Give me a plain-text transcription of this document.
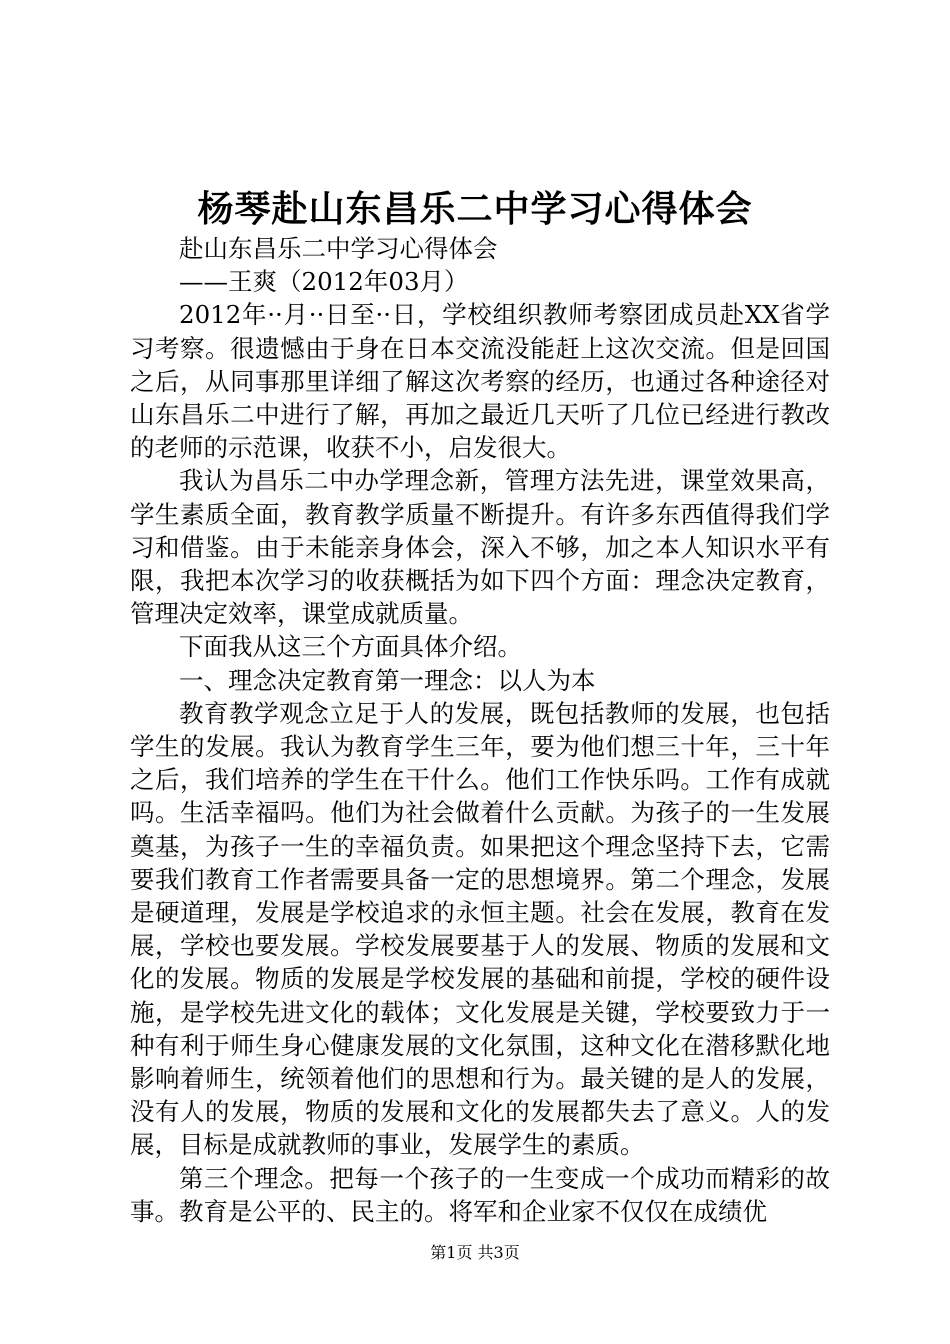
杨琴赴山东昌乐二中学习心得体会

赴山东昌乐二中学习心得体会

——王爽（2012年03月）

2012年··月··日至··日，学校组织教师考察团成员赴XX省学习考察。很遗憾由于身在日本交流没能赶上这次交流。但是回国之后，从同事那里详细了解这次考察的经历，也通过各种途径对山东昌乐二中进行了解，再加之最近几天听了几位已经进行教改的老师的示范课，收获不小，启发很大。

我认为昌乐二中办学理念新，管理方法先进，课堂效果高，学生素质全面，教育教学质量不断提升。有许多东西值得我们学习和借鉴。由于未能亲身体会，深入不够，加之本人知识水平有限，我把本次学习的收获概括为如下四个方面：理念决定教育，管理决定效率，课堂成就质量。

下面我从这三个方面具体介绍。

一、理念决定教育第一理念：以人为本

教育教学观念立足于人的发展，既包括教师的发展，也包括学生的发展。我认为教育学生三年，要为他们想三十年，三十年之后，我们培养的学生在干什么。他们工作快乐吗。工作有成就吗。生活幸福吗。他们为社会做着什么贡献。为孩子的一生发展奠基，为孩子一生的幸福负责。如果把这个理念坚持下去，它需要我们教育工作者需要具备一定的思想境界。第二个理念，发展是硬道理，发展是学校追求的永恒主题。社会在发展，教育在发展，学校也要发展。学校发展要基于人的发展、物质的发展和文化的发展。物质的发展是学校发展的基础和前提，学校的硬件设施，是学校先进文化的载体；文化发展是关键，学校要致力于一种有利于师生身心健康发展的文化氛围，这种文化在潜移默化地影响着师生，统领着他们的思想和行为。最关键的是人的发展，没有人的发展，物质的发展和文化的发展都失去了意义。人的发展，目标是成就教师的事业，发展学生的素质。

第三个理念。把每一个孩子的一生变成一个成功而精彩的故事。教育是公平的、民主的。将军和企业家不仅仅在成绩优

第1页 共3页
